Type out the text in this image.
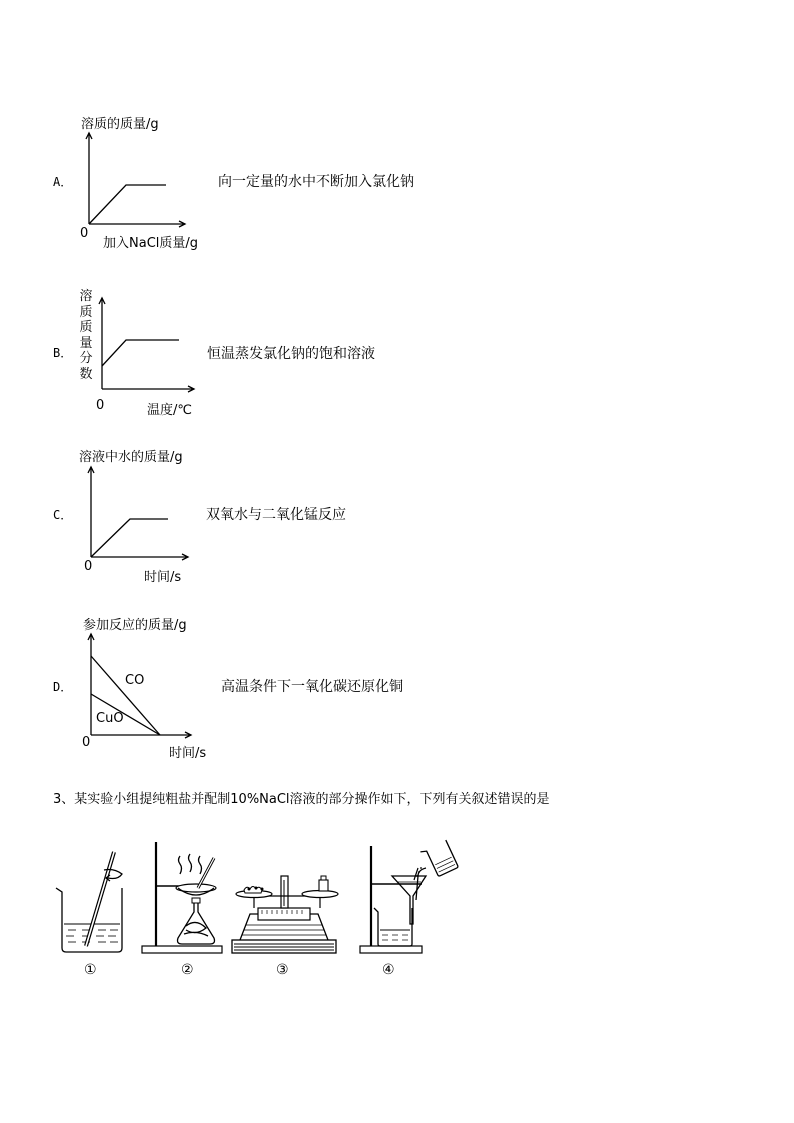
溶质的质量/g
A．
0
加入NaCl质量/g
向一定量的水中不断加入氯化钠
溶
质
质
量
分
数
B．
0	温度/℃
恒温蒸发氯化钠的饱和溶液
溶液中水的质量/g
C．
0
时间/s
双氧水与二氧化锰反应
参加反应的质量/g
D．	CO
CuO
0
时间/s
高温条件下一氧化碳还原化铜
3、某实验小组提纯粗盐并配制10%NaCl溶液的部分操作如下，下列有关叙述错误的是
①	②	③	④
